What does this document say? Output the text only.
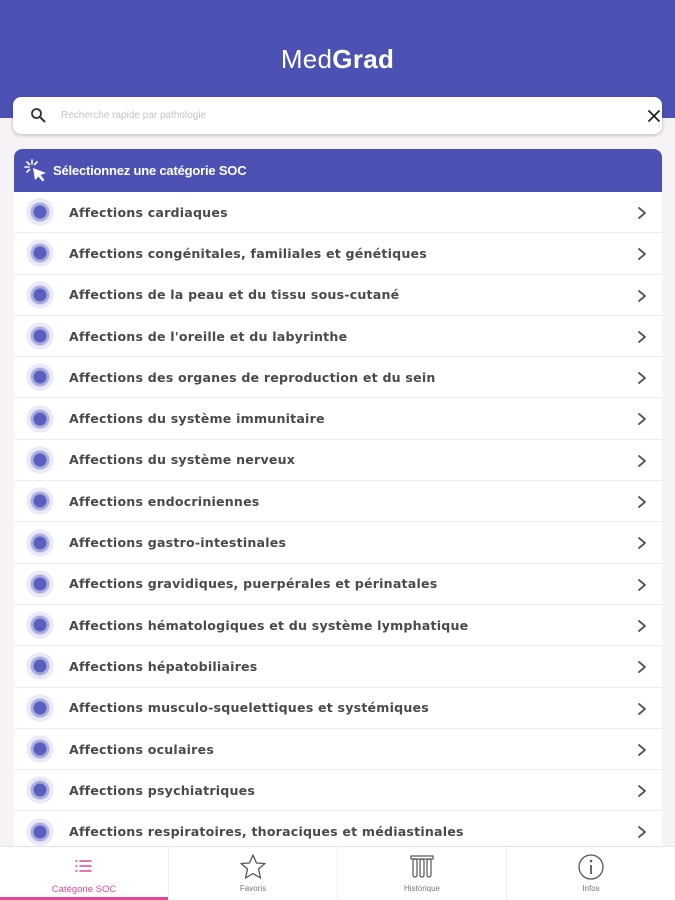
MedGrad
Recherche rapide par pathologie
Sélectionnez une catégorie SOC
Affections cardiaques
Affections congénitales, familiales et génétiques
Affections de la peau et du tissu sous-cutané
Affections de l'oreille et du labyrinthe
Affections des organes de reproduction et du sein
Affections du système immunitaire
Affections du système nerveux
Affections endocriniennes
Affections gastro-intestinales
Affections gravidiques, puerpérales et périnatales
Affections hématologiques et du système lymphatique
Affections hépatobiliaires
Affections musculo-squelettiques et systémiques
Affections oculaires
Affections psychiatriques
Affections respiratoires, thoraciques et médiastinales
Catégorie SOC	Favoris	Historique	Infos
